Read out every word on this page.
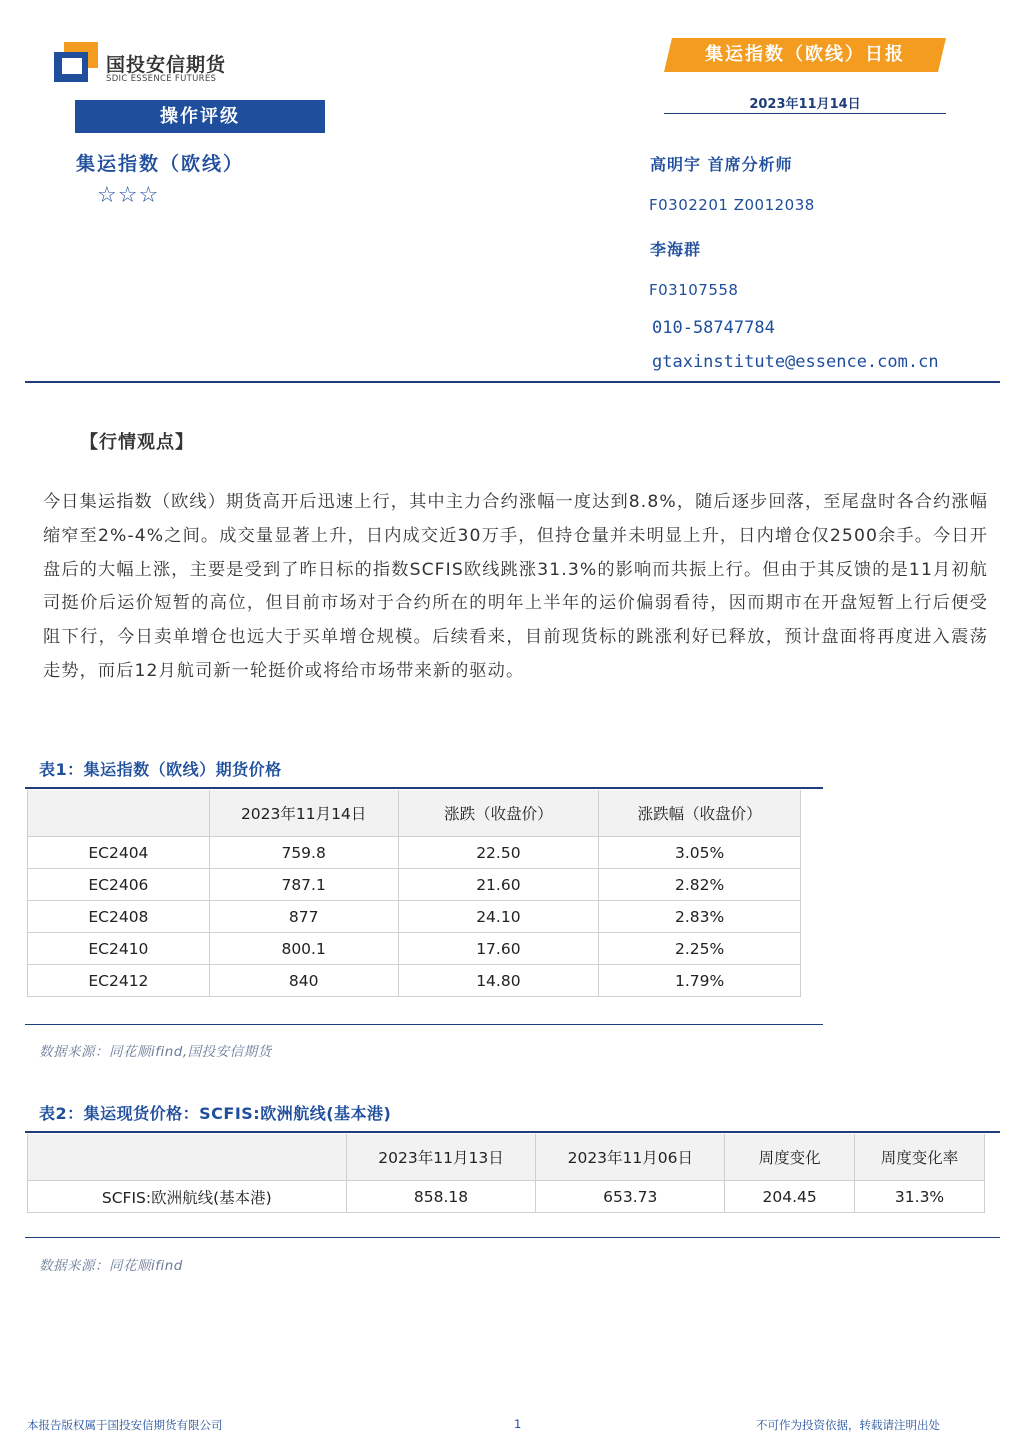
国投安信期货
SDIC ESSENCE FUTURES
操作评级
集运指数（欧线）
☆☆☆
集运指数（欧线）日报
2023年11月14日
高明宇 首席分析师
F0302201 Z0012038
李海群
F03107558
010-58747784
gtaxinstitute@essence.com.cn
【行情观点】
今日集运指数（欧线）期货高开后迅速上行，其中主力合约涨幅一度达到8.8%，随后逐步回落，至尾盘时各合约涨幅缩窄至2%-4%之间。成交量显著上升，日内成交近30万手，但持仓量并未明显上升，日内增仓仅2500余手。今日开盘后的大幅上涨，主要是受到了昨日标的指数SCFIS欧线跳涨31.3%的影响而共振上行。但由于其反馈的是11月初航司挺价后运价短暂的高位，但目前市场对于合约所在的明年上半年的运价偏弱看待，因而期市在开盘短暂上行后便受阻下行，今日卖单增仓也远大于买单增仓规模。后续看来，目前现货标的跳涨利好已释放，预计盘面将再度进入震荡走势，而后12月航司新一轮挺价或将给市场带来新的驱动。
表1：集运指数（欧线）期货价格
	2023年11月14日	涨跌（收盘价）	涨跌幅（收盘价）
EC2404	759.8	22.50	3.05%
EC2406	787.1	21.60	2.82%
EC2408	877	24.10	2.83%
EC2410	800.1	17.60	2.25%
EC2412	840	14.80	1.79%
数据来源：同花顺ifind,国投安信期货
表2：集运现货价格：SCFIS:欧洲航线(基本港)
	2023年11月13日	2023年11月06日	周度变化	周度变化率
SCFIS:欧洲航线(基本港)	858.18	653.73	204.45	31.3%
数据来源：同花顺ifind
本报告版权属于国投安信期货有限公司	1	不可作为投资依据，转载请注明出处
